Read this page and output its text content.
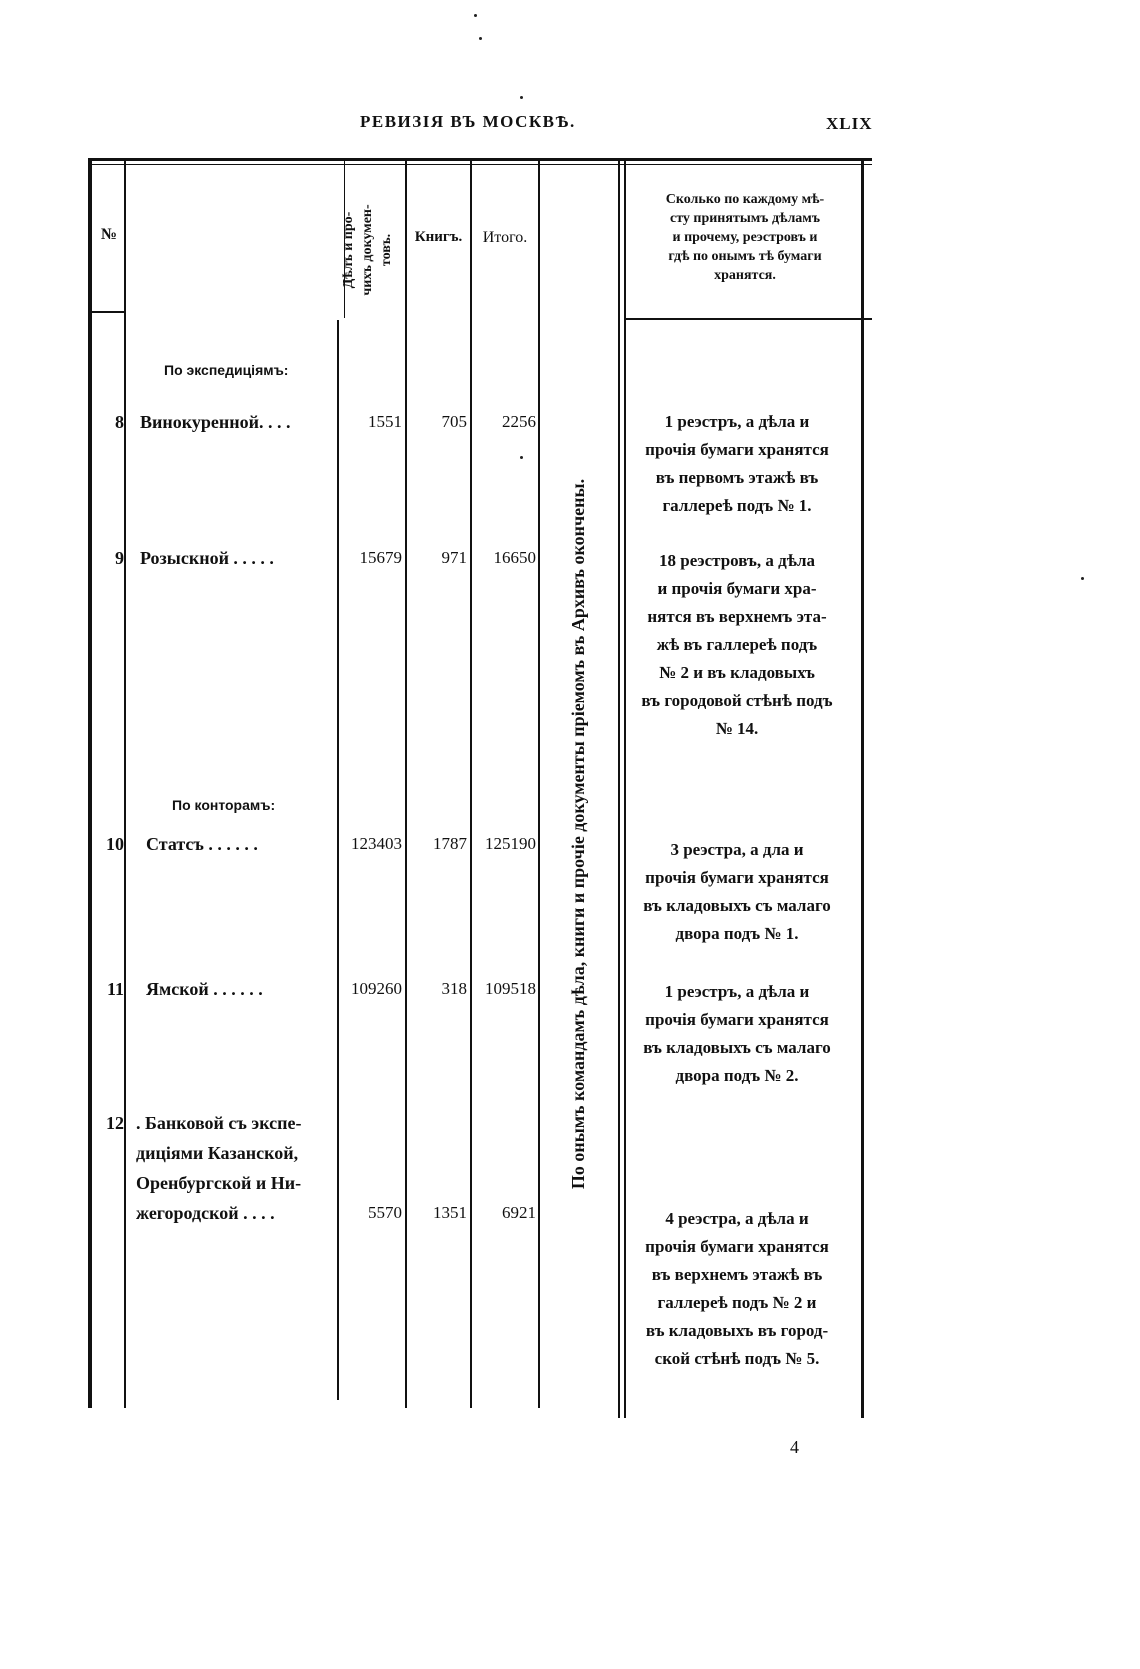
РЕВИЗІЯ ВЪ МОСКВѢ.	XLIX
№	Дѣлъ и про- чихъ докумен- товъ.	Книгъ.	Итого.
Сколько по каждому мѣ-
сту принятымъ дѣламъ
и прочему, реэстровъ и
гдѣ по онымъ тѣ бумаги
хранятся.
По онымъ командамъ дѣла, книги и прочіе документы пріемомъ въ Архивъ окончены.
По экспедиціямъ:
По конторамъ:
8 Винокуренной. . . .	1551	705	2256	1 реэстръ, а дѣла и
прочія бумаги хранятся
въ первомъ этажѣ въ
галлереѣ подъ № 1.
9 Розыскной . . . . .	15679	971	16650	18 реэстровъ, а дѣла
и прочія бумаги хра-
нятся въ верхнемъ эта-
жѣ въ галлереѣ подъ
№ 2 и въ кладовыхъ
въ городовой стѣнѣ подъ
№ 14.
10 Статсъ . . . . . .	123403	1787	125190	3 реэстра, а дла и
прочія бумаги хранятся
въ кладовыхъ съ малаго
двора подъ № 1.
11 Ямской . . . . . .	109260	318	109518	1 реэстръ, а дѣла и
прочія бумаги хранятся
въ кладовыхъ съ малаго
двора подъ № 2.
12 . Банковой съ экспе-
диціями Казанской,
Оренбургской и Ни-
жегородской . . . .	5570	1351	6921	4 реэстра, а дѣла и
прочія бумаги хранятся
въ верхнемъ этажѣ въ
галлереѣ подъ № 2 и
въ кладовыхъ въ город-
ской стѣнѣ подъ № 5.
4
